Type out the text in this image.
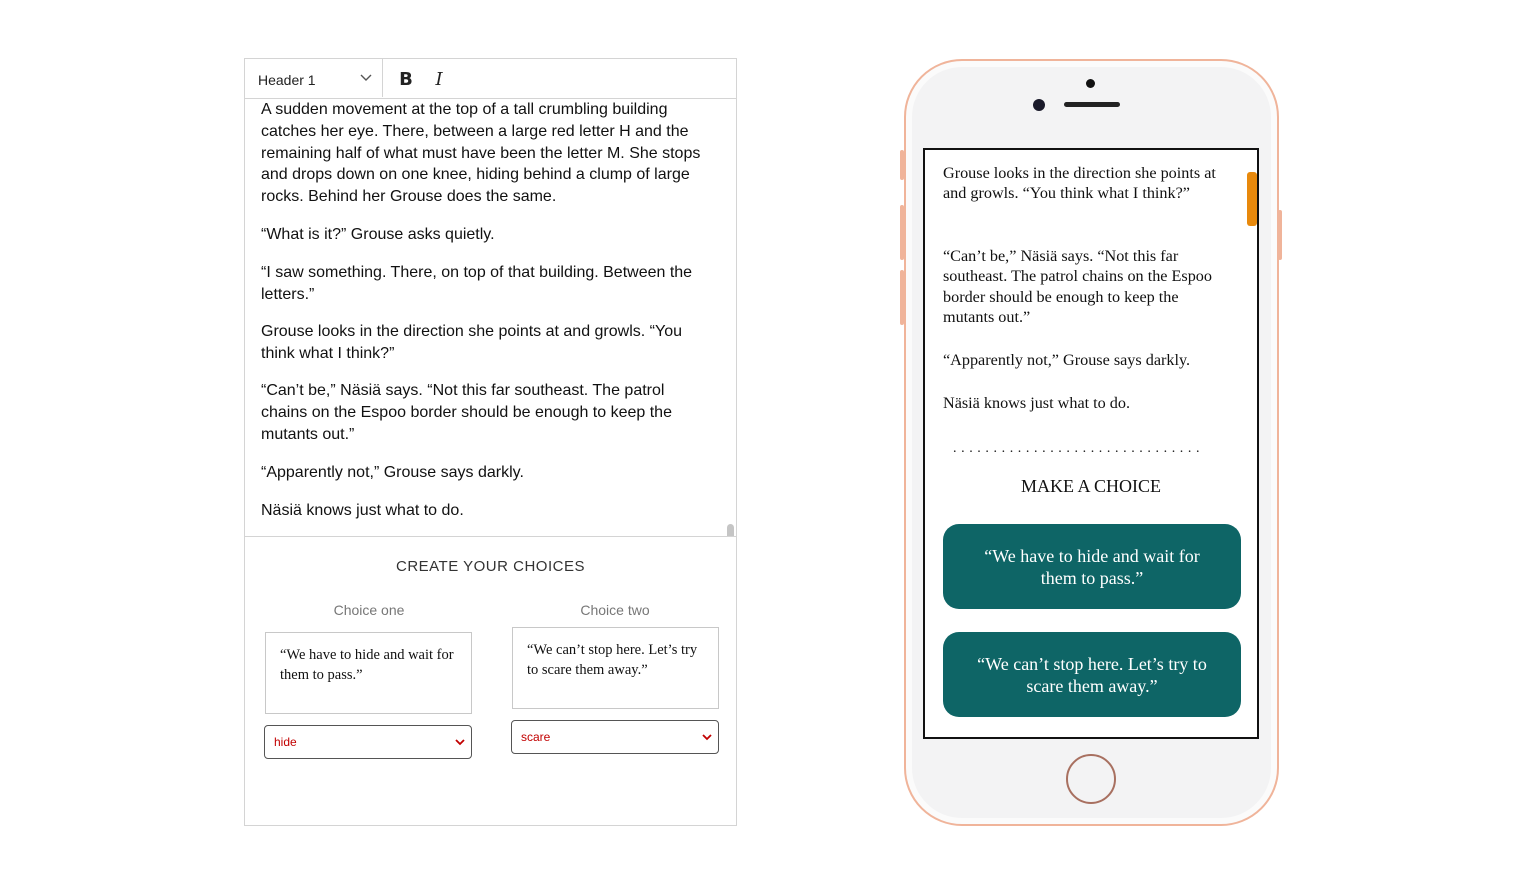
Header 1	B	I

A sudden movement at the top of a tall crumbling building catches her eye. There, between a large red letter H and the remaining half of what must have been the letter M. She stops and drops down on one knee, hiding behind a clump of large rocks. Behind her Grouse does the same.

“What is it?” Grouse asks quietly.

“I saw something. There, on top of that building. Between the letters.”

Grouse looks in the direction she points at and growls. “You think what I think?”

“Can’t be,” Näsiä says. “Not this far southeast. The patrol chains on the Espoo border should be enough to keep the mutants out.”

“Apparently not,” Grouse says darkly.

Näsiä knows just what to do.

CREATE YOUR CHOICES
Choice one
“We have to hide and wait for them to pass.”
hide
Choice two
“We can’t stop here. Let’s try to scare them away.”
scare

Grouse looks in the direction she points at and growls. “You think what I think?”

“Can’t be,” Näsiä says. “Not this far southeast. The patrol chains on the Espoo border should be enough to keep the mutants out.”

“Apparently not,” Grouse says darkly.

Näsiä knows just what to do.

...............................
MAKE A CHOICE
“We have to hide and wait for them to pass.”
“We can’t stop here. Let’s try to scare them away.”
